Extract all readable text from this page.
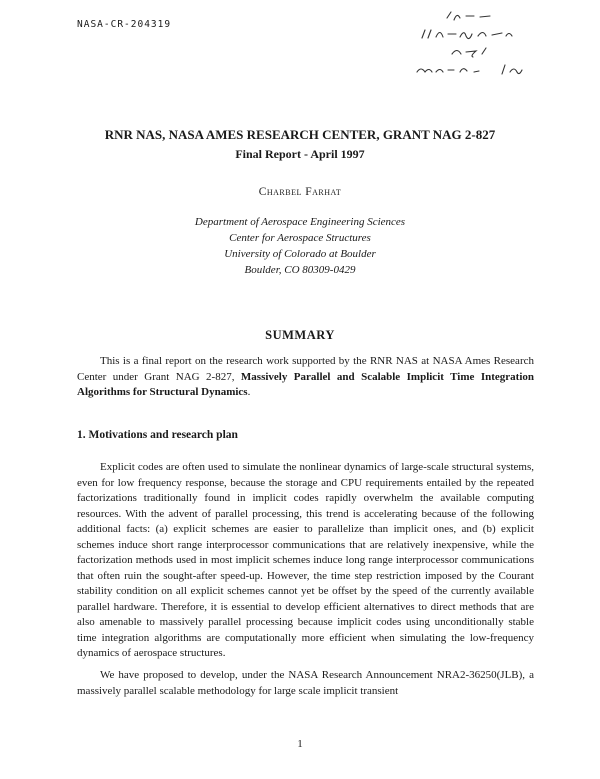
NASA-CR-204319
RNR NAS, NASA AMES RESEARCH CENTER, GRANT NAG 2-827
Final Report - April 1997
Charbel Farhat
Department of Aerospace Engineering Sciences
Center for Aerospace Structures
University of Colorado at Boulder
Boulder, CO 80309-0429
SUMMARY
This is a final report on the research work supported by the RNR NAS at NASA Ames Research Center under Grant NAG 2-827, Massively Parallel and Scalable Implicit Time Integration Algorithms for Structural Dynamics.
1. Motivations and research plan
Explicit codes are often used to simulate the nonlinear dynamics of large-scale structural systems, even for low frequency response, because the storage and CPU requirements entailed by the repeated factorizations traditionally found in implicit codes rapidly overwhelm the available computing resources. With the advent of parallel processing, this trend is accelerating because of the following additional facts: (a) explicit schemes are easier to parallelize than implicit ones, and (b) explicit schemes induce short range interprocessor communications that are relatively inexpensive, while the factorization methods used in most implicit schemes induce long range interprocessor communications that often ruin the sought-after speed-up. However, the time step restriction imposed by the Courant stability condition on all explicit schemes cannot yet be offset by the speed of the currently available parallel hardware. Therefore, it is essential to develop efficient alternatives to direct methods that are also amenable to massively parallel processing because implicit codes using unconditionally stable time integration algorithms are computationally more efficient when simulating the low-frequency dynamics of aerospace structures.
We have proposed to develop, under the NASA Research Announcement NRA2-36250(JLB), a massively parallel scalable methodology for large scale implicit transient
1
